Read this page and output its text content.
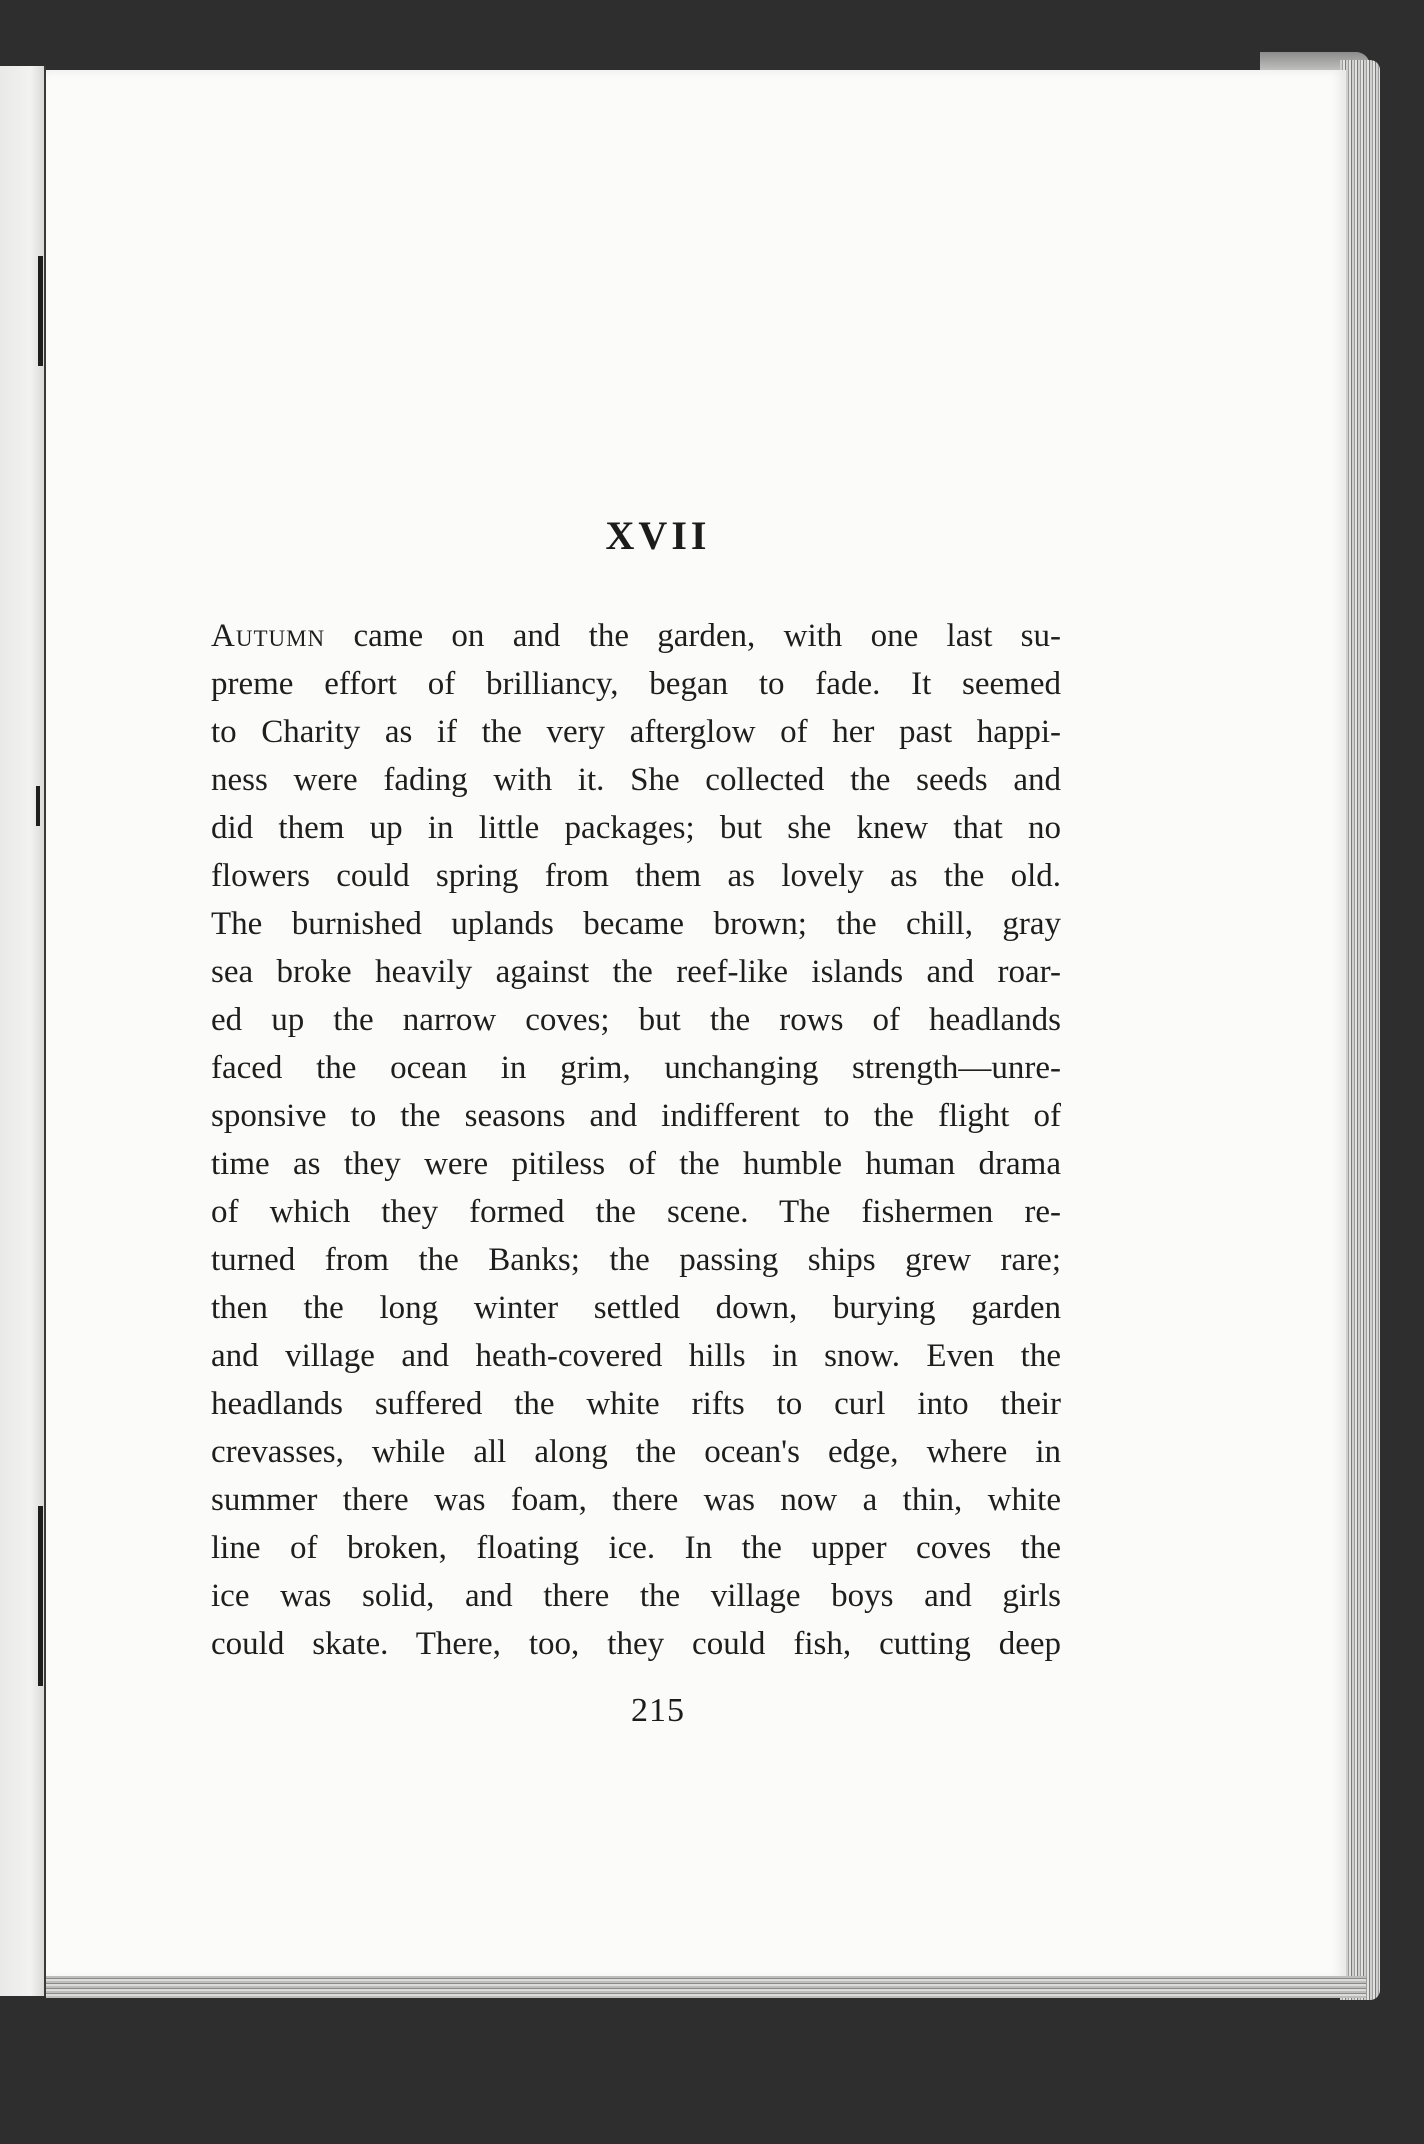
XVII
Autumn came on and the garden, with one last su-
preme effort of brilliancy, began to fade. It seemed
to Charity as if the very afterglow of her past happi-
ness were fading with it. She collected the seeds and
did them up in little packages; but she knew that no
flowers could spring from them as lovely as the old.
The burnished uplands became brown; the chill, gray
sea broke heavily against the reef-like islands and roar-
ed up the narrow coves; but the rows of headlands
faced the ocean in grim, unchanging strength—unre-
sponsive to the seasons and indifferent to the flight of
time as they were pitiless of the humble human drama
of which they formed the scene. The fishermen re-
turned from the Banks; the passing ships grew rare;
then the long winter settled down, burying garden
and village and heath-covered hills in snow. Even the
headlands suffered the white rifts to curl into their
crevasses, while all along the ocean's edge, where in
summer there was foam, there was now a thin, white
line of broken, floating ice. In the upper coves the
ice was solid, and there the village boys and girls
could skate. There, too, they could fish, cutting deep
215
